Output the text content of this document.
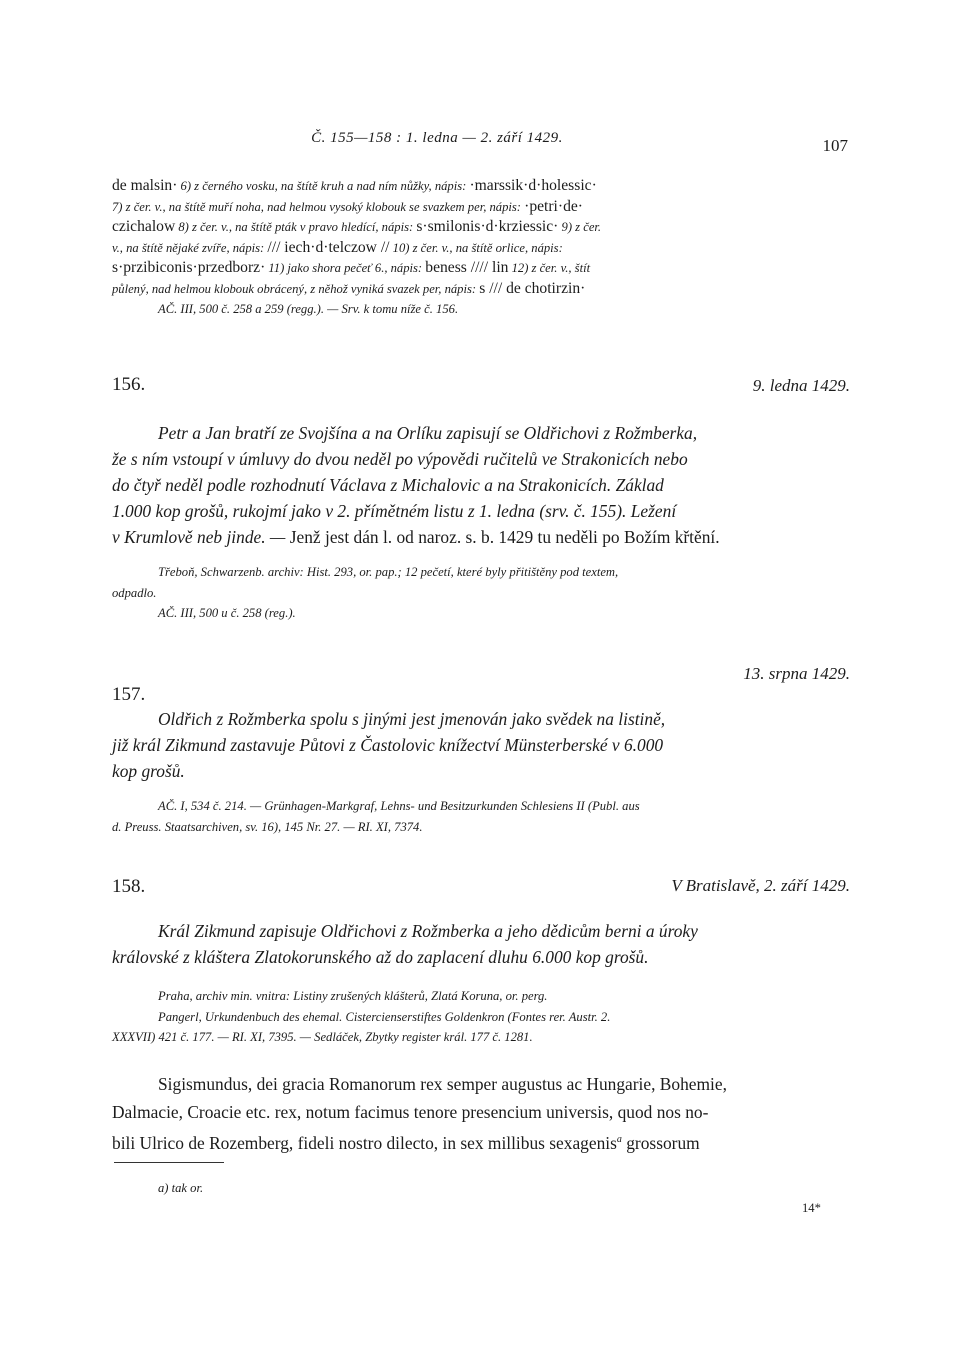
Č. 155—158 : 1. ledna — 2. září 1429.	107

de malsin· 6) z černého vosku, na štítě kruh a nad ním nůžky, nápis: ·marssik·d·holessic·

7) z čer. v., na štítě muří noha, nad helmou vysoký klobouk se svazkem per, nápis: ·petri·de·

czichalow 8) z čer. v., na štítě pták v pravo hledící, nápis: s·smilonis·d·krziessic· 9) z čer.

v., na štítě nějaké zvíře, nápis: /// iech·d·telczow // 10) z čer. v., na štítě orlice, nápis:

s·przibiconis·przedborz· 11) jako shora pečeť 6., nápis: beness //// lin 12) z čer. v., štít

půlený, nad helmou klobouk obrácený, z něhož vyniká svazek per, nápis: s /// de chotirzin·

AČ. III, 500 č. 258 a 259 (regg.). — Srv. k tomu níže č. 156.

156.	9. ledna 1429.
Petr a Jan bratří ze Svojšína a na Orlíku zapisují se Oldřichovi z Rožmberka,
že s ním vstoupí v úmluvy do dvou neděl po výpovědi ručitelů ve Strakonicích nebo
do čtyř neděl podle rozhodnutí Václava z Michalovic a na Strakonicích. Základ
1.000 kop grošů, rukojmí jako v 2. přímětném listu z 1. ledna (srv. č. 155). Ležení
v Krumlově neb jinde. — Jenž jest dán l. od naroz. s. b. 1429 tu neděli po Božím křtění.

Třeboň, Schwarzenb. archiv: Hist. 293, or. pap.; 12 pečetí, které byly přitištěny pod textem,

odpadlo.

AČ. III, 500 u č. 258 (reg.).

13. srpna 1429.
157.
Oldřich z Rožmberka spolu s jinými jest jmenován jako svědek na listině,
již král Zikmund zastavuje Půtovi z Častolovic knížectví Münsterberské v 6.000
kop grošů.

AČ. I, 534 č. 214. — Grünhagen-Markgraf, Lehns- und Besitzurkunden Schlesiens II (Publ. aus

d. Preuss. Staatsarchiven, sv. 16), 145 Nr. 27. — RI. XI, 7374.

158.	V Bratislavě, 2. září 1429.
Král Zikmund zapisuje Oldřichovi z Rožmberka a jeho dědicům berni a úroky
královské z kláštera Zlatokorunského až do zaplacení dluhu 6.000 kop grošů.

Praha, archiv min. vnitra: Listiny zrušených klášterů, Zlatá Koruna, or. perg.

Pangerl, Urkundenbuch des ehemal. Cistercienserstiftes Goldenkron (Fontes rer. Austr. 2.

XXXVII) 421 č. 177. — RI. XI, 7395. — Sedláček, Zbytky register král. 177 č. 1281.

Sigismundus, dei gracia Romanorum rex semper augustus ac Hungarie, Bohemie,
Dalmacie, Croacie etc. rex, notum facimus tenore presencium universis, quod nos no-
bili Ulrico de Rozemberg, fideli nostro dilecto, in sex millibus sexagenis$^a$ grossorum
a) tak or.
14*
